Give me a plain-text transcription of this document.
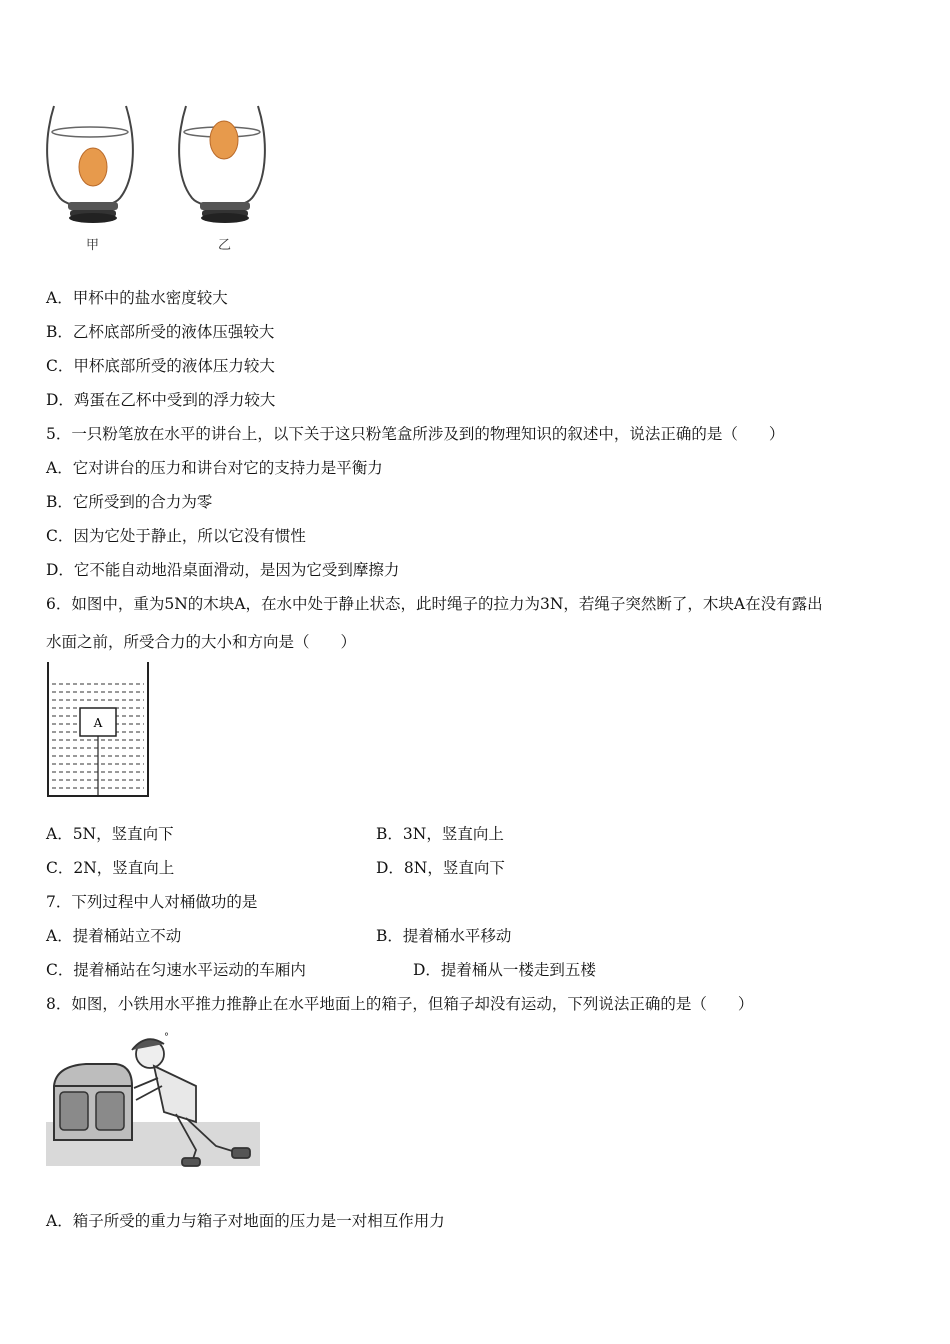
甲	乙
A．甲杯中的盐水密度较大
B．乙杯底部所受的液体压强较大
C．甲杯底部所受的液体压力较大
D．鸡蛋在乙杯中受到的浮力较大
5．一只粉笔放在水平的讲台上，以下关于这只粉笔盒所涉及到的物理知识的叙述中，说法正确的是（　　）
A．它对讲台的压力和讲台对它的支持力是平衡力
B．它所受到的合力为零
C．因为它处于静止，所以它没有惯性
D．它不能自动地沿桌面滑动，是因为它受到摩擦力
6．如图中，重为5N的木块A，在水中处于静止状态，此时绳子的拉力为3N，若绳子突然断了，木块A在没有露出
水面之前，所受合力的大小和方向是（　　）
A
A．5N，竖直向下	B．3N，竖直向上
C．2N，竖直向上	D．8N，竖直向下
7．下列过程中人对桶做功的是
A．提着桶站立不动	B．提着桶水平移动
C．提着桶站在匀速水平运动的车厢内	D．提着桶从一楼走到五楼
8．如图，小铁用水平推力推静止在水平地面上的箱子，但箱子却没有运动，下列说法正确的是（　　）
°
A．箱子所受的重力与箱子对地面的压力是一对相互作用力
